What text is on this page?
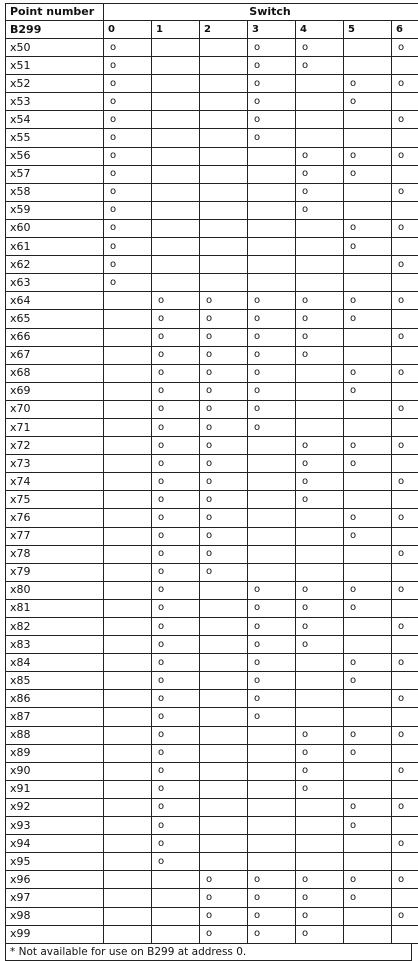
Point number	Switch						
B299	0	1	2	3	4	5	6
x50	o			o	o		o
x51	o			o	o		
x52	o			o		o	o
x53	o			o		o	
x54	o			o			o
x55	o			o			
x56	o				o	o	o
x57	o				o	o	
x58	o				o		o
x59	o				o		
x60	o					o	o
x61	o					o	
x62	o						o
x63	o						
x64		o	o	o	o	o	o
x65		o	o	o	o	o	
x66		o	o	o	o		o
x67		o	o	o	o		
x68		o	o	o		o	o
x69		o	o	o		o	
x70		o	o	o			o
x71		o	o	o			
x72		o	o		o	o	o
x73		o	o		o	o	
x74		o	o		o		o
x75		o	o		o		
x76		o	o			o	o
x77		o	o			o	
x78		o	o				o
x79		o	o				
x80		o		o	o	o	o
x81		o		o	o	o	
x82		o		o	o		o
x83		o		o	o		
x84		o		o		o	o
x85		o		o		o	
x86		o		o			o
x87		o		o			
x88		o			o	o	o
x89		o			o	o	
x90		o			o		o
x91		o			o		
x92		o				o	o
x93		o				o	
x94		o					o
x95		o					
x96			o	o	o	o	o
x97			o	o	o	o	
x98			o	o	o		o
x99			o	o	o		
* Not available for use on B299 at address 0.
